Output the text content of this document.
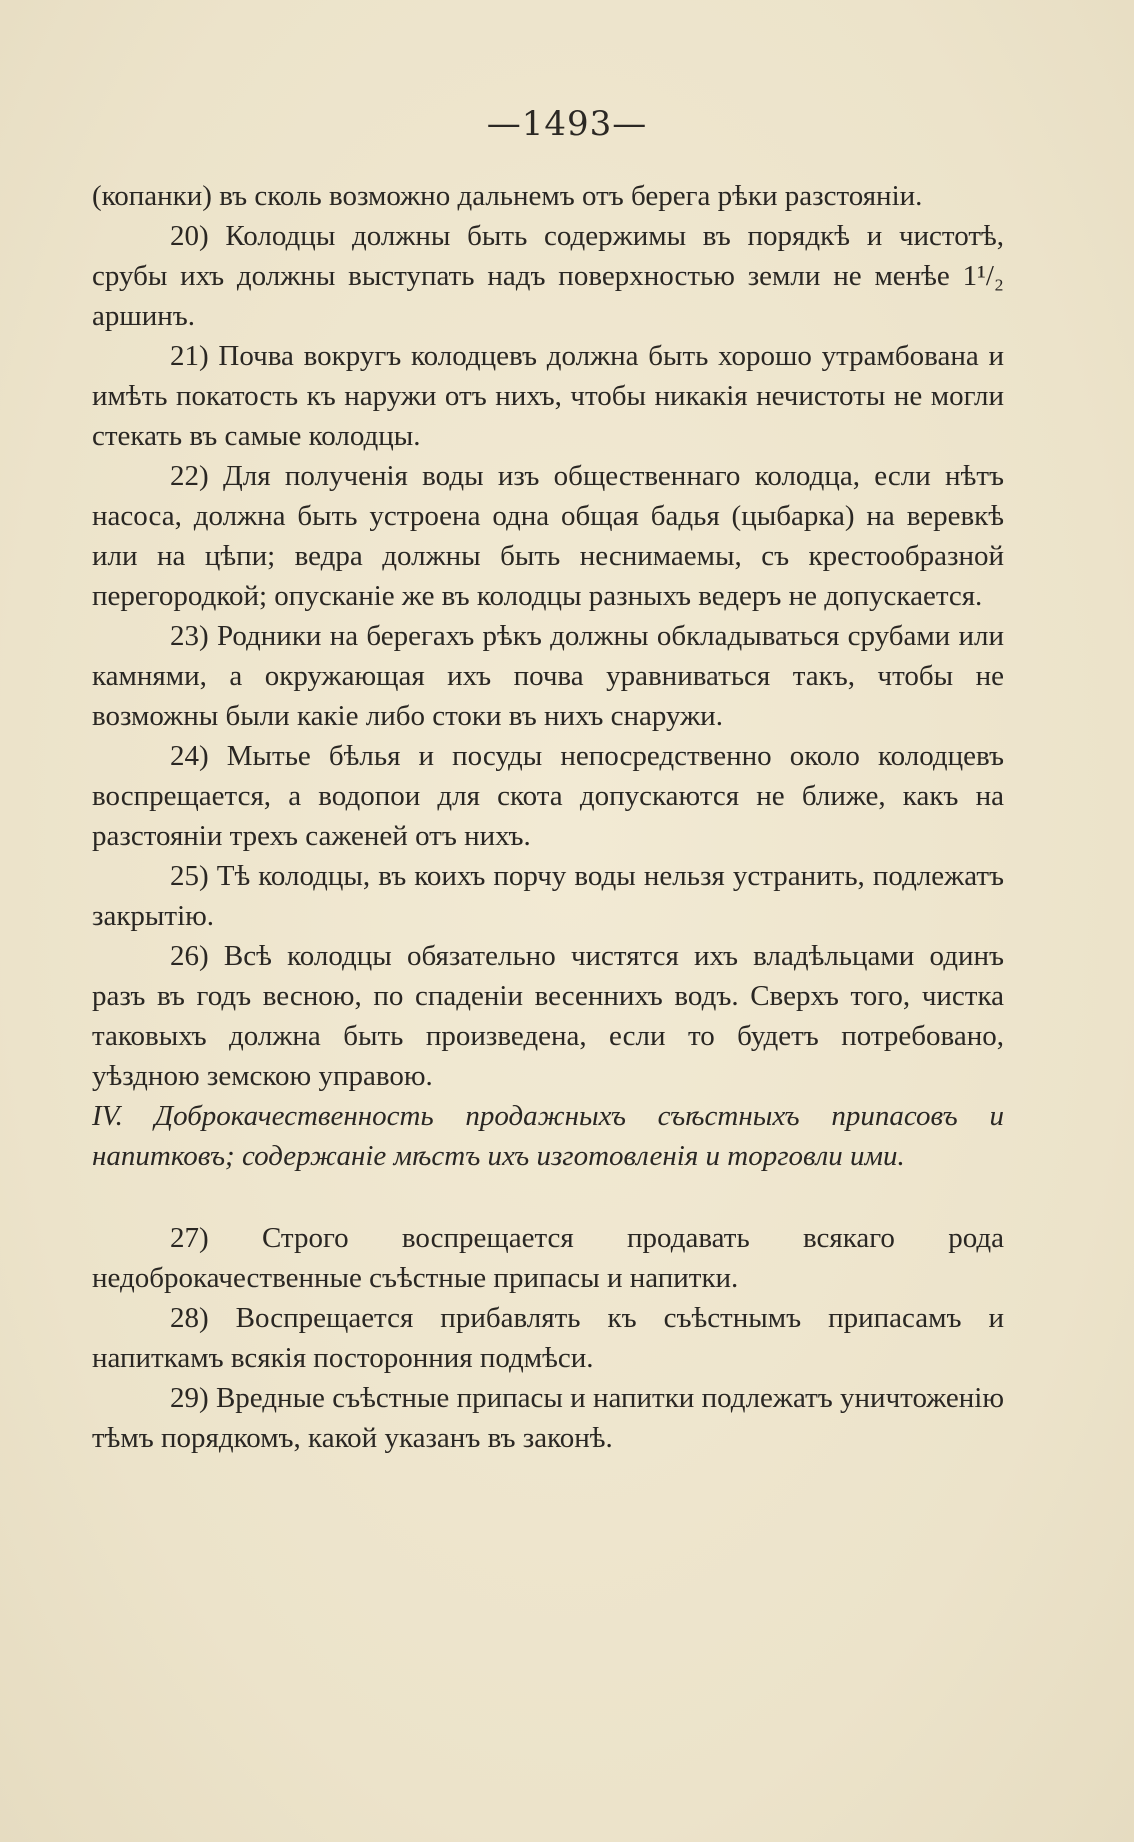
—1493—

(копанки) въ сколь возможно дальнемъ отъ берега рѣки разстояніи.

20) Колодцы должны быть содержимы въ порядкѣ и чистотѣ, срубы ихъ должны выступать надъ поверхностью земли не менѣе 1¹/₂ аршинъ.

21) Почва вокругъ колодцевъ должна быть хорошо утрамбована и имѣть покатость къ наружи отъ нихъ, чтобы никакія нечистоты не могли стекать въ самые колодцы.

22) Для полученія воды изъ общественнаго колодца, если нѣтъ насоса, должна быть устроена одна общая бадья (цыбарка) на веревкѣ или на цѣпи; ведра должны быть неснимаемы, съ крестообразной перегородкой; опусканіе же въ колодцы разныхъ ведеръ не допускается.

23) Родники на берегахъ рѣкъ должны обкладываться срубами или камнями, а окружающая ихъ почва уравниваться такъ, чтобы не возможны были какіе либо стоки въ нихъ снаружи.

24) Мытье бѣлья и посуды непосредственно около колодцевъ воспрещается, а водопои для скота допускаются не ближе, какъ на разстояніи трехъ саженей отъ нихъ.

25) Тѣ колодцы, въ коихъ порчу воды нельзя устранить, подлежатъ закрытію.

26) Всѣ колодцы обязательно чистятся ихъ владѣльцами одинъ разъ въ годъ весною, по спаденіи весеннихъ водъ. Сверхъ того, чистка таковыхъ должна быть произведена, если то будетъ потребовано, уѣздною земскою управою.

IV. Доброкачественность продажныхъ съѣстныхъ припасовъ и напитковъ; содержаніе мѣстъ ихъ изготовленія и торговли ими.

27) Строго воспрещается продавать всякаго рода недоброкачественные съѣстные припасы и напитки.

28) Воспрещается прибавлять къ съѣстнымъ припасамъ и напиткамъ всякія посторонния подмѣси.

29) Вредные съѣстные припасы и напитки подлежатъ уничтоженію тѣмъ порядкомъ, какой указанъ въ законѣ.
